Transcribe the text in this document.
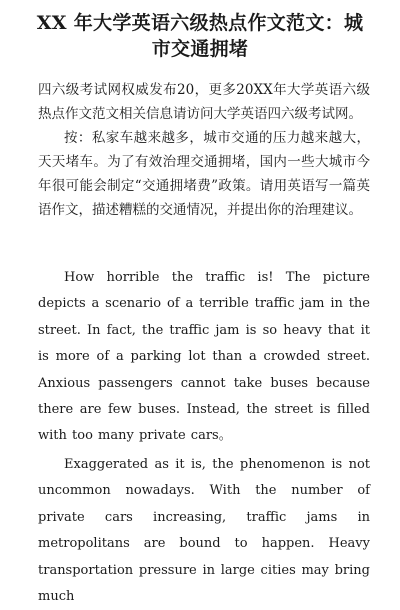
XX 年大学英语六级热点作文范文：城市交通拥堵
四六级考试网权威发布20，更多20XX年大学英语六级热点作文范文相关信息请访问大学英语四六级考试网。
按：私家车越来越多，城市交通的压力越来越大，天天堵车。为了有效治理交通拥堵，国内一些大城市今年很可能会制定“交通拥堵费”政策。请用英语写一篇英语作文，描述糟糕的交通情况，并提出你的治理建议。
How horrible the traffic is! The picture depicts a scenario of a terrible traffic jam in the street. In fact, the traffic jam is so heavy that it is more of a parking lot than a crowded street. Anxious passengers cannot take buses because there are few buses. Instead, the street is filled with too many private cars。
Exaggerated as it is, the phenomenon is not uncommon nowadays. With the number of private cars increasing, traffic jams in metropolitans are bound to happen. Heavy transportation pressure in large cities may bring much
